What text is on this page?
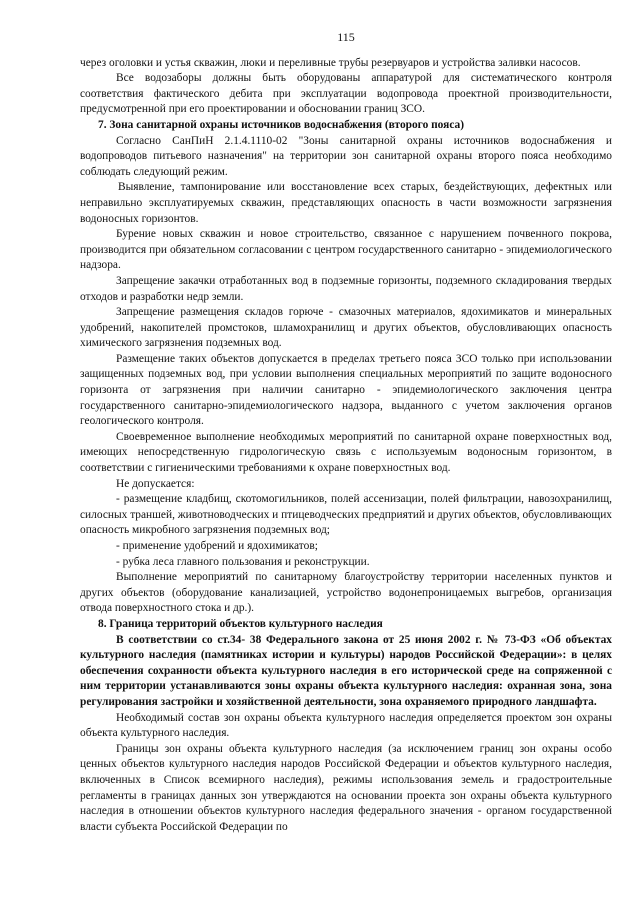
115

через оголовки и устья скважин, люки и переливные трубы резервуаров и устройства заливки насосов.

Все водозаборы должны быть оборудованы аппаратурой для систематического контроля соответствия фактического дебита при эксплуатации водопровода проектной производительности, предусмотренной при его проектировании и обосновании границ ЗСО.

7. Зона санитарной охраны источников водоснабжения (второго пояса)

Согласно СанПиН 2.1.4.1110-02 "Зоны санитарной охраны источников водоснабжения и водопроводов питьевого назначения" на территории зон санитарной охраны второго пояса необходимо соблюдать следующий режим.

Выявление, тампонирование или восстановление всех старых, бездействующих, дефектных или неправильно эксплуатируемых скважин, представляющих опасность в части возможности загрязнения водоносных горизонтов.

Бурение новых скважин и новое строительство, связанное с нарушением почвенного покрова, производится при обязательном согласовании с центром государственного санитарно - эпидемиологического надзора.

Запрещение закачки отработанных вод в подземные горизонты, подземного складирования твердых отходов и разработки недр земли.

Запрещение размещения складов горюче - смазочных материалов, ядохимикатов и минеральных удобрений, накопителей промстоков, шламохранилищ и других объектов, обусловливающих опасность химического загрязнения подземных вод.

Размещение таких объектов допускается в пределах третьего пояса ЗСО только при использовании защищенных подземных вод, при условии выполнения специальных мероприятий по защите водоносного горизонта от загрязнения при наличии санитарно - эпидемиологического заключения центра государственного санитарно-эпидемиологического надзора, выданного с учетом заключения органов геологического контроля.

Своевременное выполнение необходимых мероприятий по санитарной охране поверхностных вод, имеющих непосредственную гидрологическую связь с используемым водоносным горизонтом, в соответствии с гигиеническими требованиями к охране поверхностных вод.

Не допускается:

- размещение кладбищ, скотомогильников, полей ассенизации, полей фильтрации, навозохранилищ, силосных траншей, животноводческих и птицеводческих предприятий и других объектов, обусловливающих опасность микробного загрязнения подземных вод;

- применение удобрений и ядохимикатов;

- рубка леса главного пользования и реконструкции.

Выполнение мероприятий по санитарному благоустройству территории населенных пунктов и других объектов (оборудование канализацией, устройство водонепроницаемых выгребов, организация отвода поверхностного стока и др.).

8. Граница территорий объектов культурного наследия

В соответствии со ст.34- 38 Федерального закона от 25 июня 2002 г. № 73-ФЗ «Об объектах культурного наследия (памятниках истории и культуры) народов Российской Федерации»: в целях обеспечения сохранности объекта культурного наследия в его исторической среде на сопряженной с ним территории устанавливаются зоны охраны объекта культурного наследия: охранная зона, зона регулирования застройки и хозяйственной деятельности, зона охраняемого природного ландшафта.

Необходимый состав зон охраны объекта культурного наследия определяется проектом зон охраны объекта культурного наследия.

Границы зон охраны объекта культурного наследия (за исключением границ зон охраны особо ценных объектов культурного наследия народов Российской Федерации и объектов культурного наследия, включенных в Список всемирного наследия), режимы использования земель и градостроительные регламенты в границах данных зон утверждаются на основании проекта зон охраны объекта культурного наследия в отношении объектов культурного наследия федерального значения - органом государственной власти субъекта Российской Федерации по
